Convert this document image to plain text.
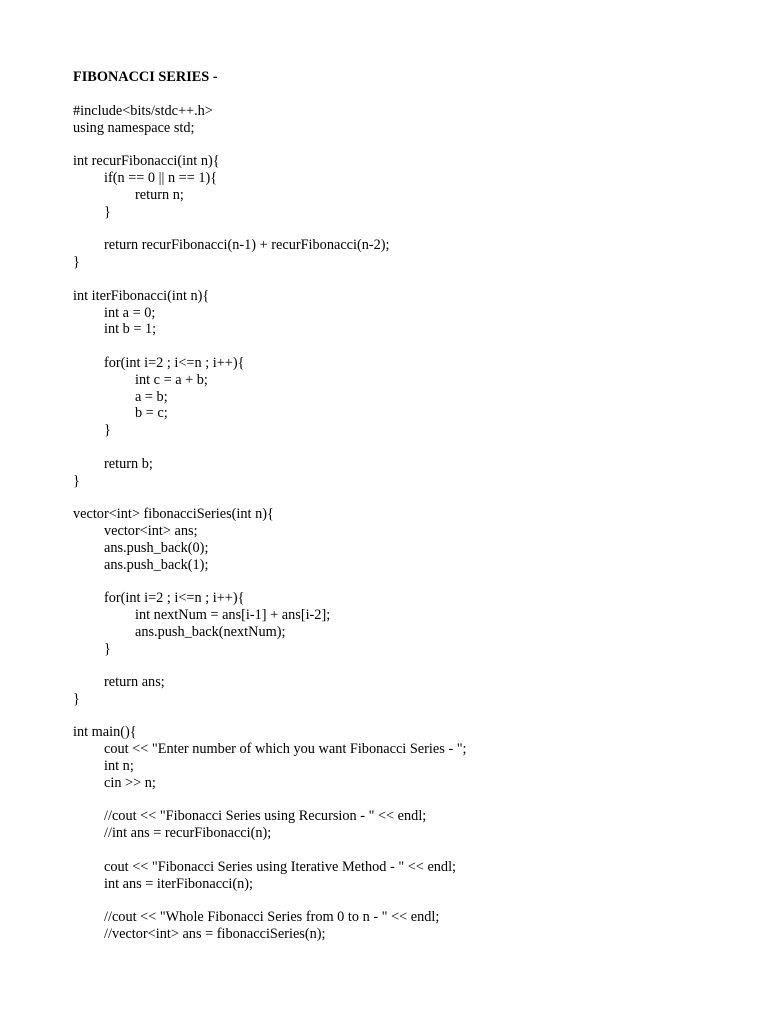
FIBONACCI SERIES -
#include<bits/stdc++.h>
using namespace std;
int recurFibonacci(int n){
if(n == 0 || n == 1){
return n;
}
return recurFibonacci(n-1) + recurFibonacci(n-2);
}
int iterFibonacci(int n){
int a = 0;
int b = 1;
for(int i=2 ; i<=n ; i++){
int c = a + b;
a = b;
b = c;
}
return b;
}
vector<int> fibonacciSeries(int n){
vector<int> ans;
ans.push_back(0);
ans.push_back(1);
for(int i=2 ; i<=n ; i++){
int nextNum = ans[i-1] + ans[i-2];
ans.push_back(nextNum);
}
return ans;
}
int main(){
cout << "Enter number of which you want Fibonacci Series - ";
int n;
cin >> n;
//cout << "Fibonacci Series using Recursion - " << endl;
//int ans = recurFibonacci(n);
cout << "Fibonacci Series using Iterative Method - " << endl;
int ans = iterFibonacci(n);
//cout << "Whole Fibonacci Series from 0 to n - " << endl;
//vector<int> ans = fibonacciSeries(n);
